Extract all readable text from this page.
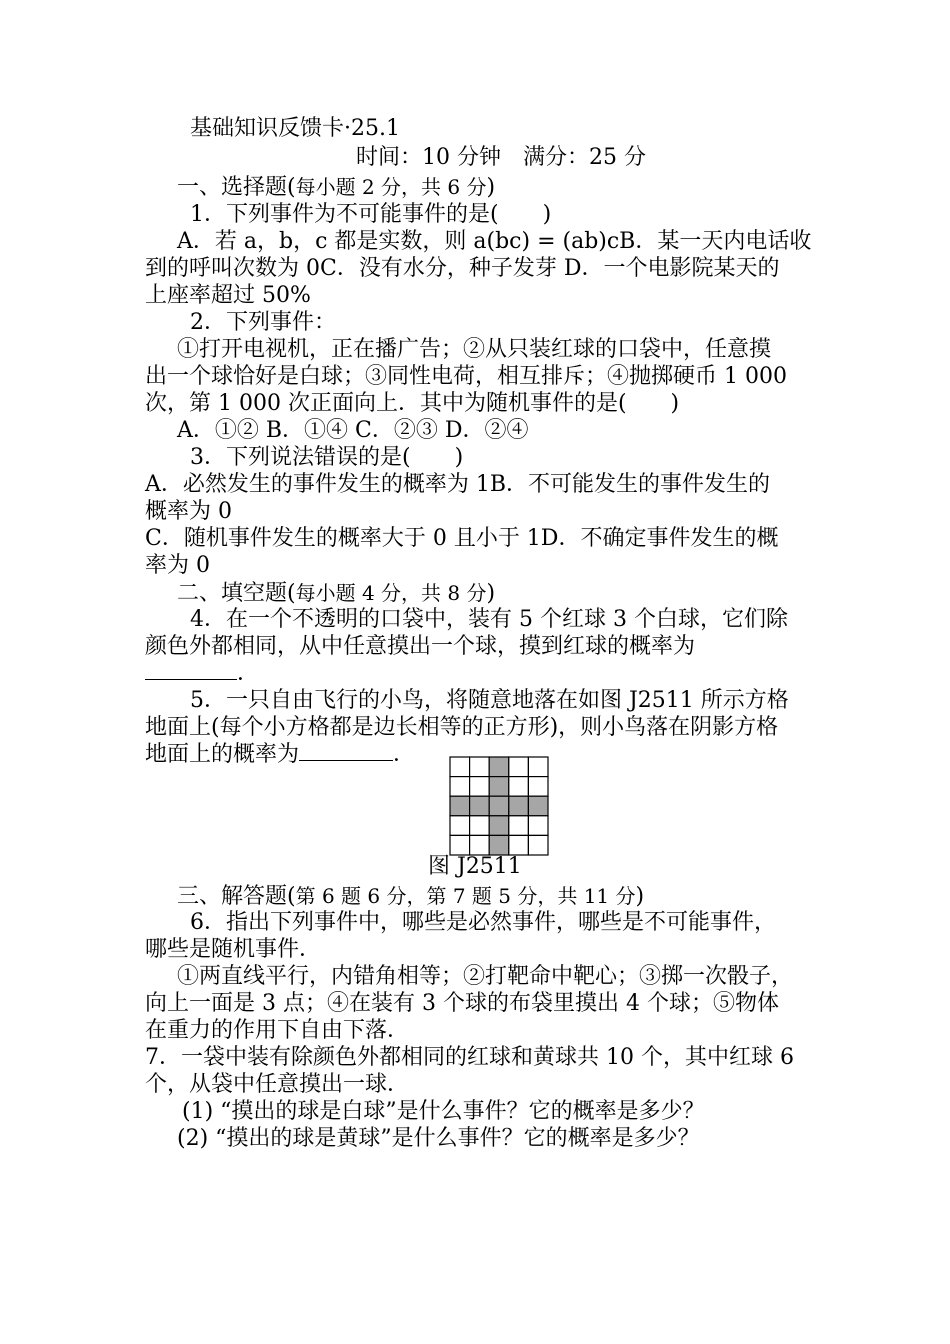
基础知识反馈卡·25.1
时间：10 分钟　满分：25 分
一、选择题(每小题 2 分，共 6 分)
1．下列事件为不可能事件的是(　　)
A．若 a，b，c 都是实数，则 a(bc) = (ab)cB．某一天内电话收
到的呼叫次数为 0C．没有水分，种子发芽 D．一个电影院某天的
上座率超过 50%
2．下列事件：
①打开电视机，正在播广告；②从只装红球的口袋中，任意摸
出一个球恰好是白球；③同性电荷，相互排斥；④抛掷硬币 1 000
次，第 1 000 次正面向上．其中为随机事件的是(　　)
A．①② B．①④ C．②③ D．②④
3．下列说法错误的是(　　)
A．必然发生的事件发生的概率为 1B．不可能发生的事件发生的
概率为 0
C．随机事件发生的概率大于 0 且小于 1D．不确定事件发生的概
率为 0
二、填空题(每小题 4 分，共 8 分)
4．在一个不透明的口袋中，装有 5 个红球 3 个白球，它们除
颜色外都相同，从中任意摸出一个球，摸到红球的概率为
．
5．一只自由飞行的小鸟，将随意地落在如图 J2511 所示方格
地面上(每个小方格都是边长相等的正方形)，则小鸟落在阴影方格
地面上的概率为	．
图 J2511
三、解答题(第 6 题 6 分，第 7 题 5 分，共 11 分)
6．指出下列事件中，哪些是必然事件，哪些是不可能事件，
哪些是随机事件．
①两直线平行，内错角相等；②打靶命中靶心；③掷一次骰子，
向上一面是 3 点；④在装有 3 个球的布袋里摸出 4 个球；⑤物体
在重力的作用下自由下落．
7．一袋中装有除颜色外都相同的红球和黄球共 10 个，其中红球 6
个，从袋中任意摸出一球．
(1) “摸出的球是白球”是什么事件？它的概率是多少？
(2) “摸出的球是黄球”是什么事件？它的概率是多少？
